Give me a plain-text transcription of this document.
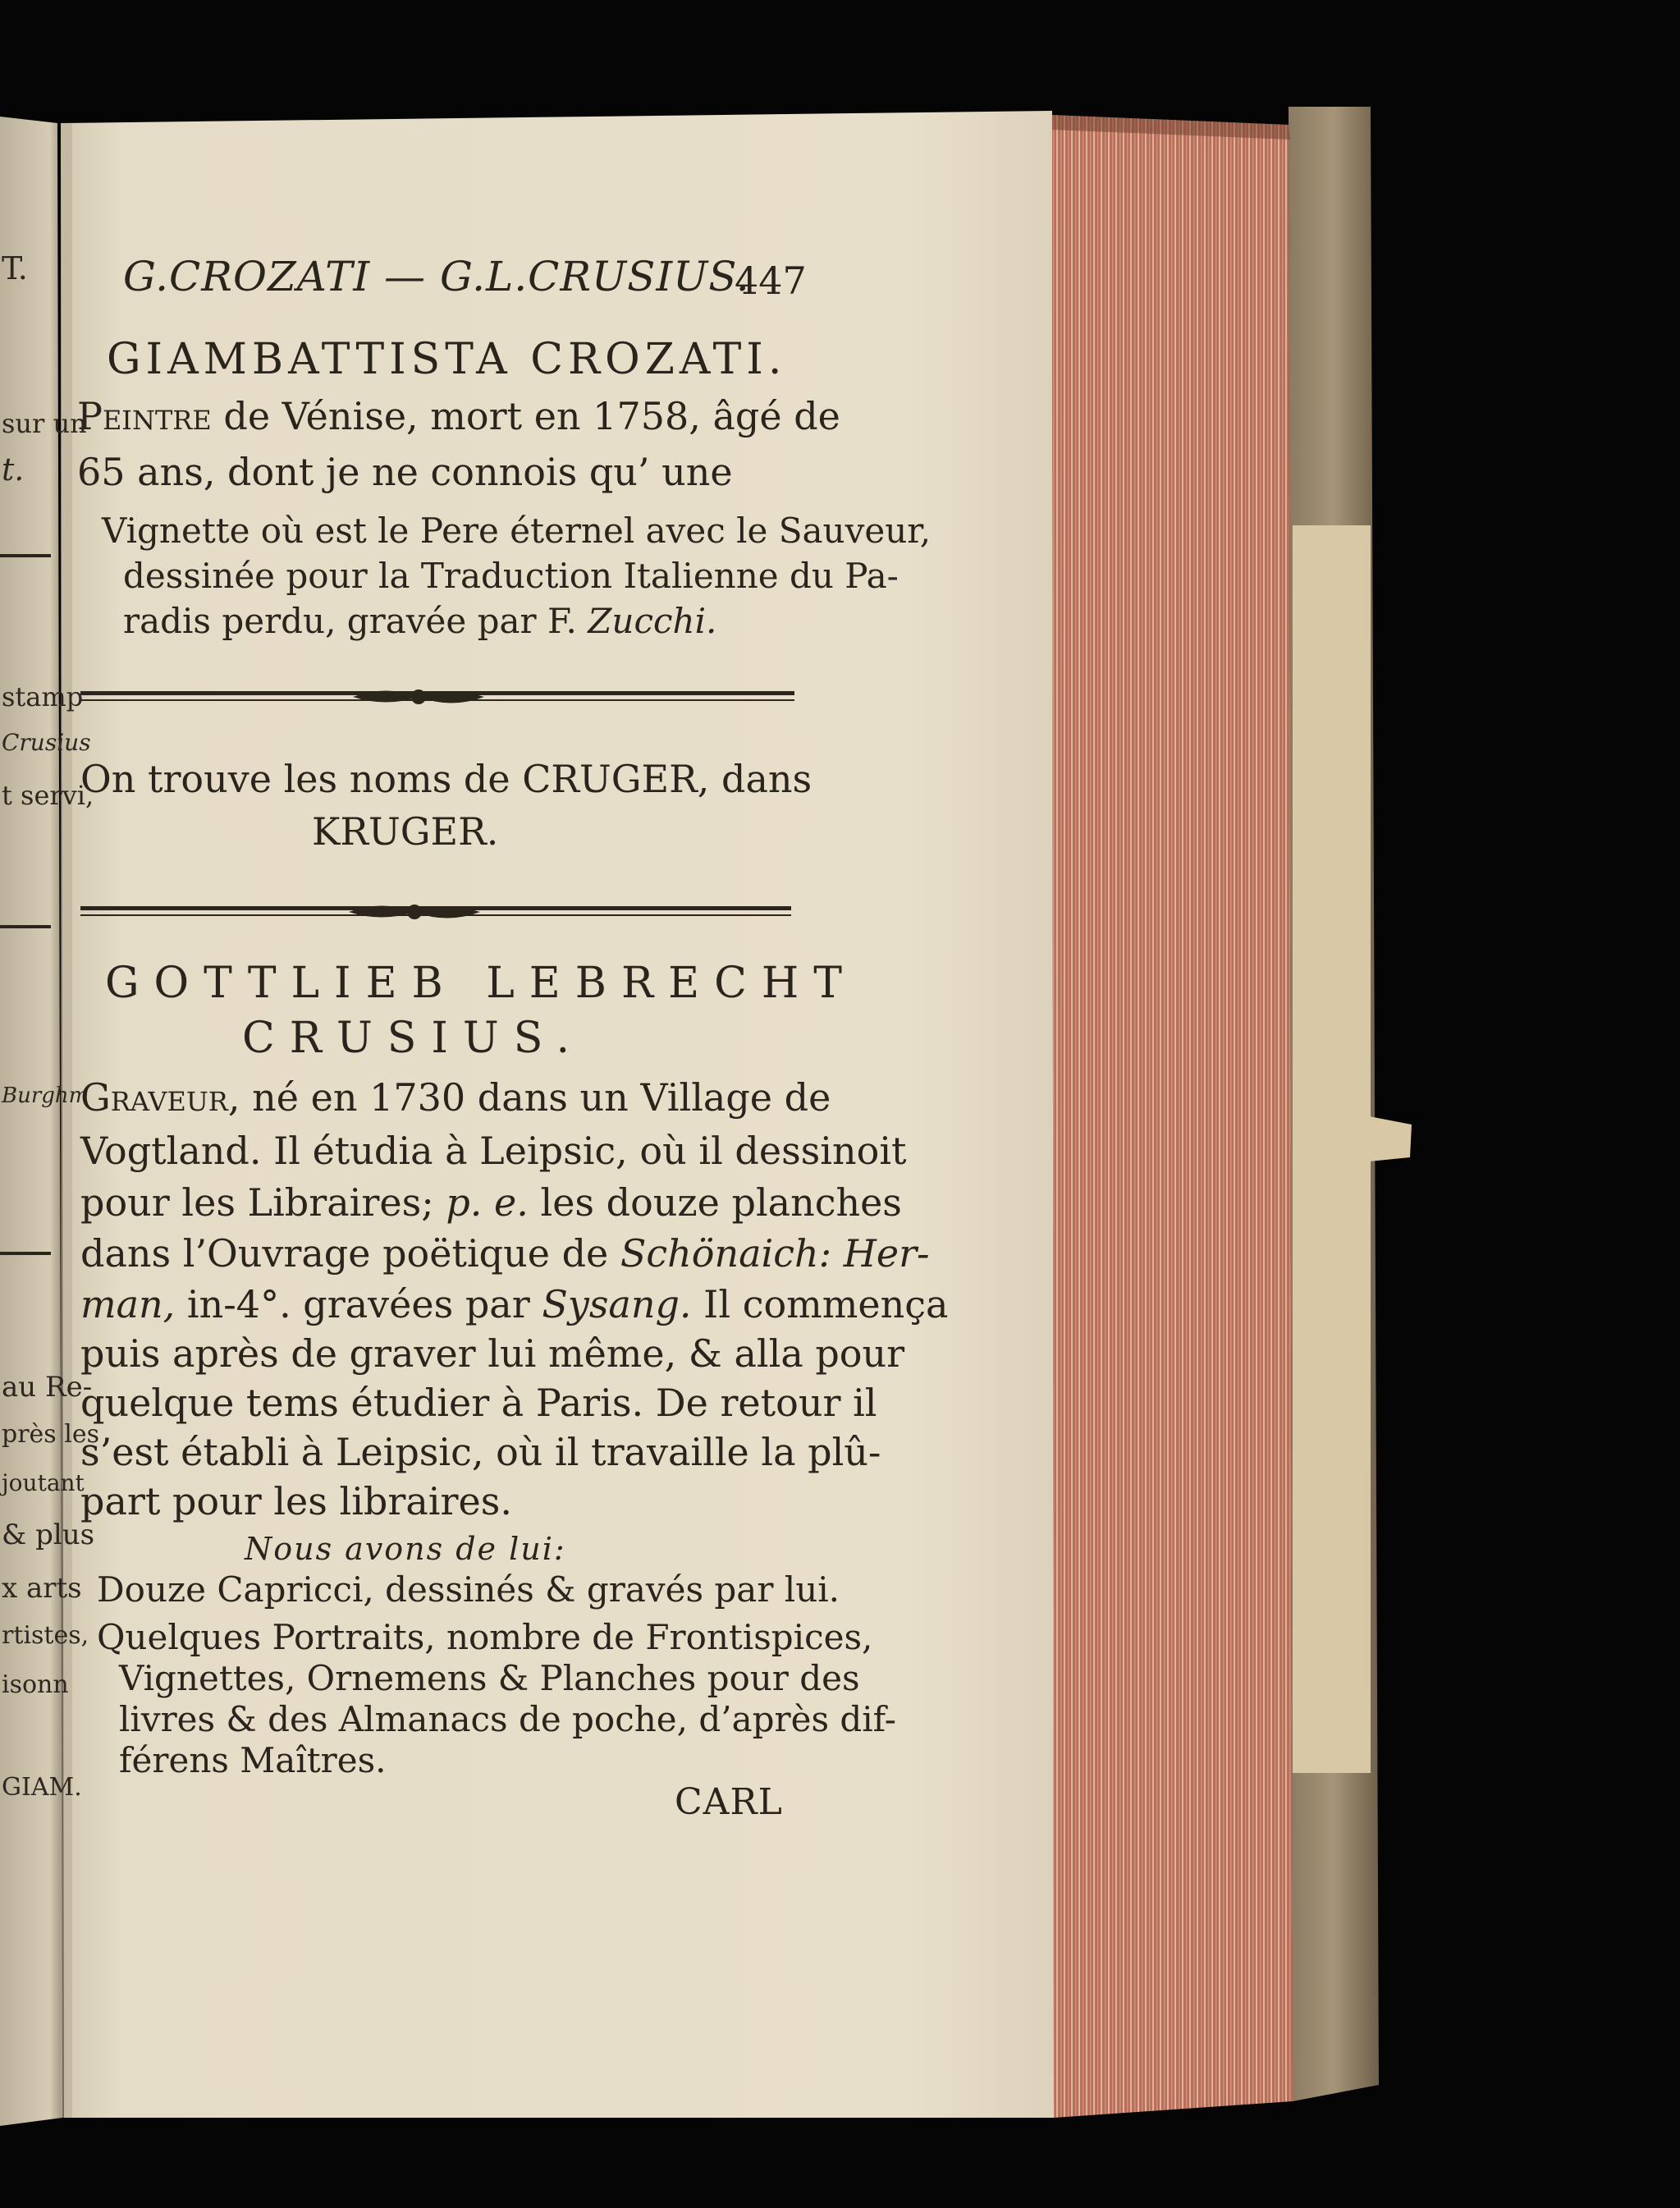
T.
sur un
t.
stamp
Crusius
t servi,
Burghm
au Re-
près les
joutant
& plus
x arts
rtistes,
isonn
GIAM.
G.CROZATI — G.L.CRUSIUS.
447
GIAMBATTISTA CROZATI.
Peintre de Vénise, mort en 1758, âgé de
65 ans, dont je ne connois qu’ une
Vignette où est le Pere éternel avec le Sauveur,
dessinée pour la Traduction Italienne du Pa-
radis perdu, gravée par F. Zucchi.
On trouve les noms de CRUGER, dans
KRUGER.
GOTTLIEB LEBRECHT
CRUSIUS.
Graveur, né en 1730 dans un Village de
Vogtland. Il étudia à Leipsic, où il dessinoit
pour les Libraires; p. e. les douze planches
dans l’Ouvrage poëtique de Schönaich: Her-
man, in-4°. gravées par Sysang. Il commença
puis après de graver lui même, & alla pour
quelque tems étudier à Paris. De retour il
s’est établi à Leipsic, où il travaille la plû-
part pour les libraires.
Nous avons de lui:
Douze Capricci, dessinés & gravés par lui.
Quelques Portraits, nombre de Frontispices,
Vignettes, Ornemens & Planches pour des
livres & des Almanacs de poche, d’après dif-
férens Maîtres.
CARL
